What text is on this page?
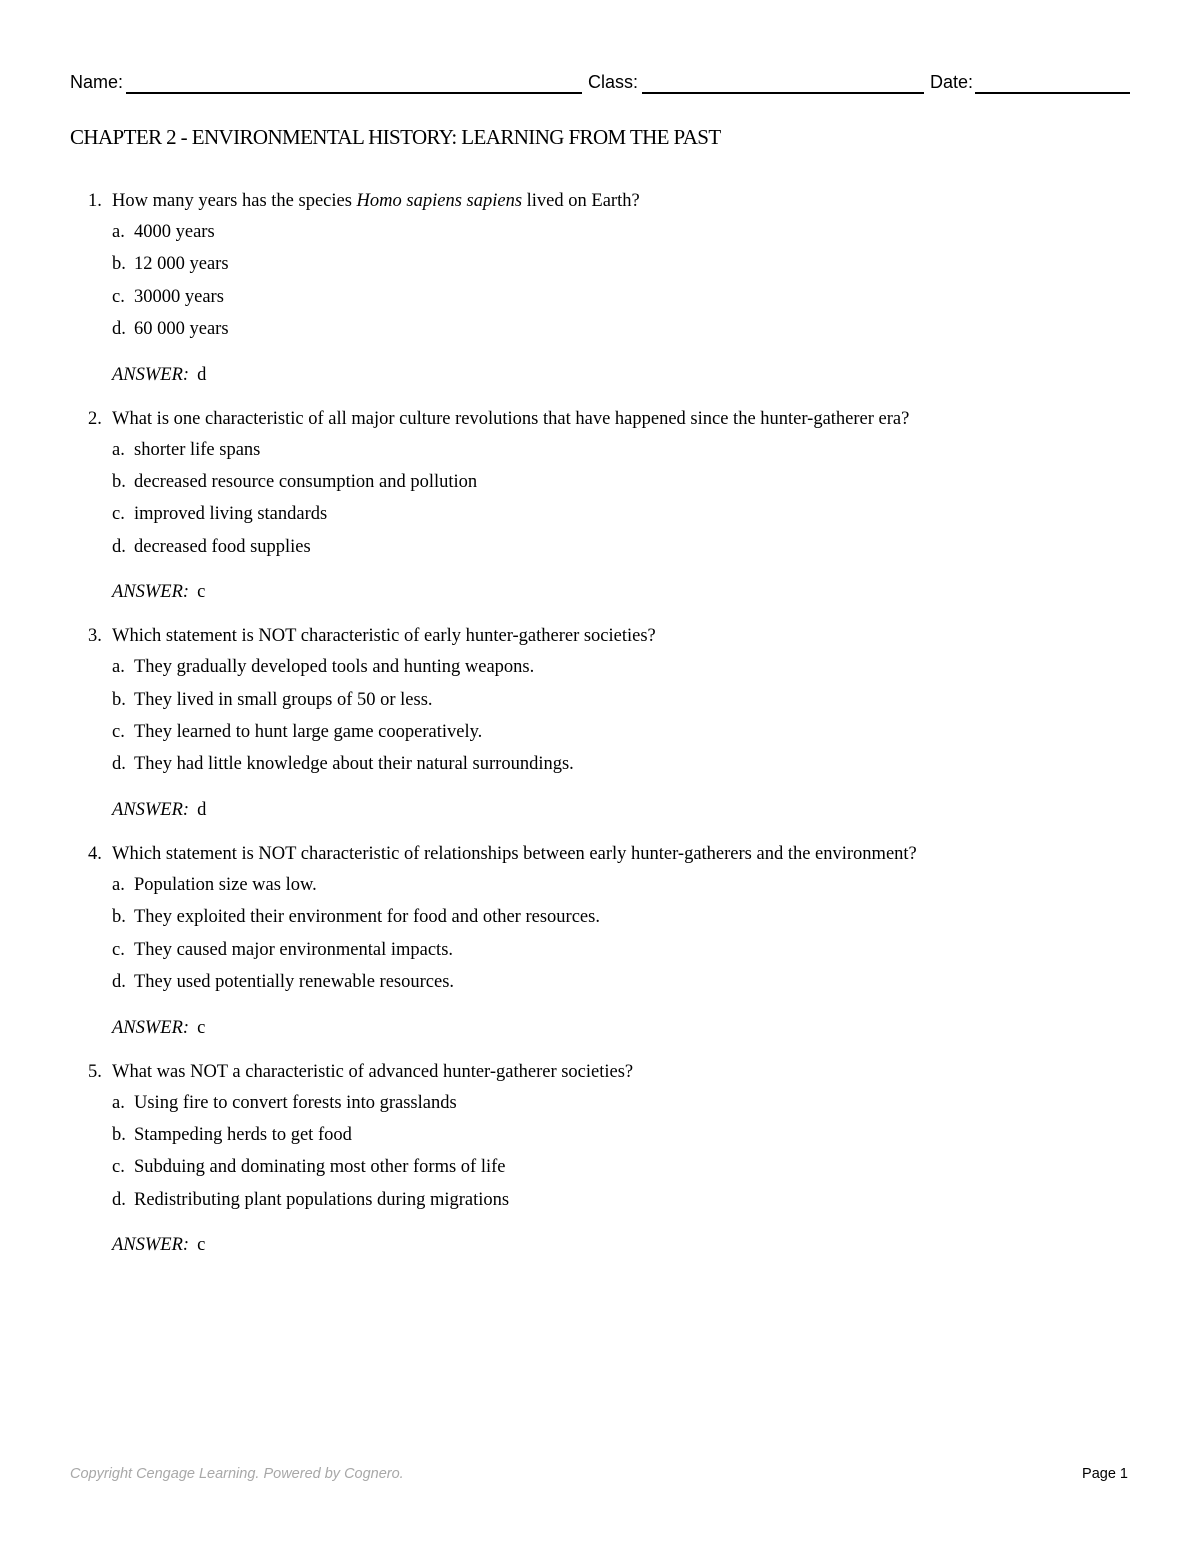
Name:	Class:	Date:
CHAPTER 2 - ENVIRONMENTAL HISTORY: LEARNING FROM THE PAST
1. How many years has the species Homo sapiens sapiens lived on Earth?
a. 4000 years
b. 12 000 years
c. 30000 years
d. 60 000 years
ANSWER: d
2. What is one characteristic of all major culture revolutions that have happened since the hunter-gatherer era?
a. shorter life spans
b. decreased resource consumption and pollution
c. improved living standards
d. decreased food supplies
ANSWER: c
3. Which statement is NOT characteristic of early hunter-gatherer societies?
a. They gradually developed tools and hunting weapons.
b. They lived in small groups of 50 or less.
c. They learned to hunt large game cooperatively.
d. They had little knowledge about their natural surroundings.
ANSWER: d
4. Which statement is NOT characteristic of relationships between early hunter-gatherers and the environment?
a. Population size was low.
b. They exploited their environment for food and other resources.
c. They caused major environmental impacts.
d. They used potentially renewable resources.
ANSWER: c
5. What was NOT a characteristic of advanced hunter-gatherer societies?
a. Using fire to convert forests into grasslands
b. Stampeding herds to get food
c. Subduing and dominating most other forms of life
d. Redistributing plant populations during migrations
ANSWER: c
Copyright Cengage Learning. Powered by Cognero.	Page 1
